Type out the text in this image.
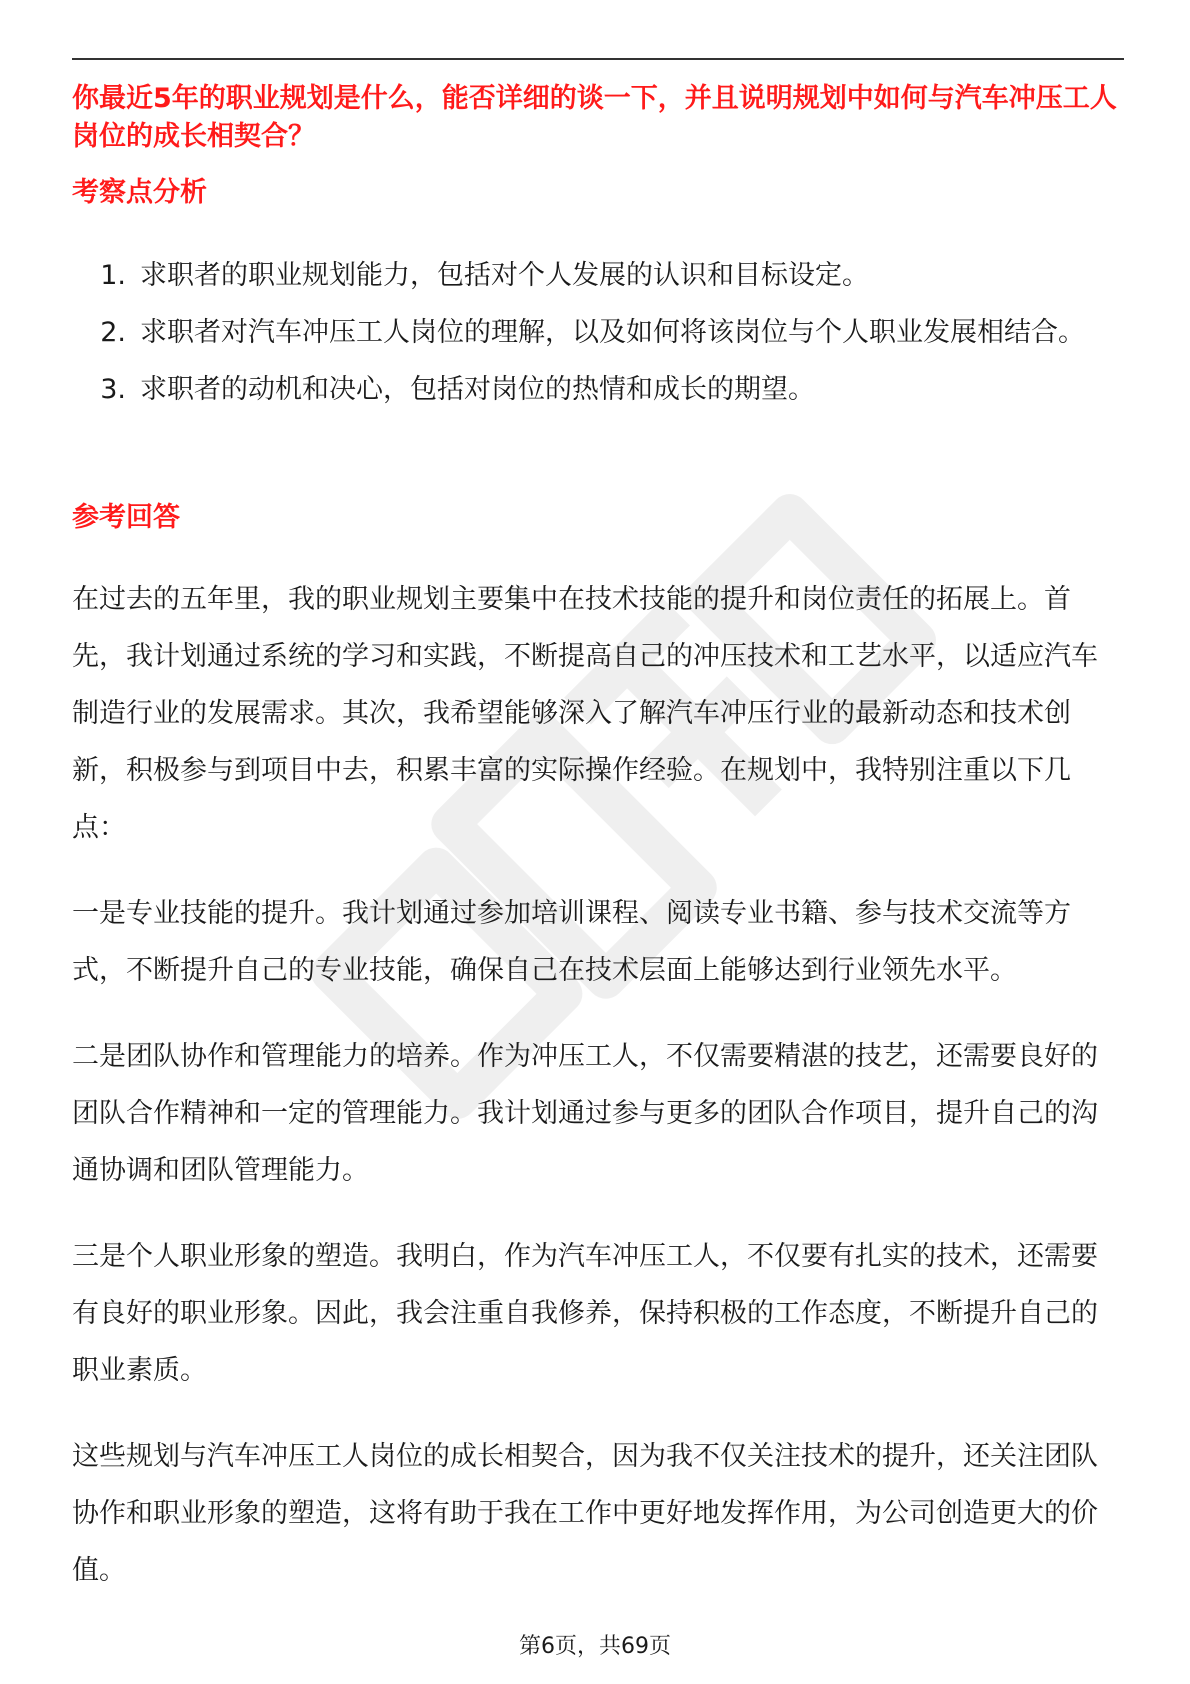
你最近5年的职业规划是什么，能否详细的谈一下，并且说明规划中如何与汽车冲压工人岗位的成长相契合？
考察点分析
1. 求职者的职业规划能力，包括对个人发展的认识和目标设定。
2. 求职者对汽车冲压工人岗位的理解，以及如何将该岗位与个人职业发展相结合。
3. 求职者的动机和决心，包括对岗位的热情和成长的期望。
参考回答

在过去的五年里，我的职业规划主要集中在技术技能的提升和岗位责任的拓展上。首先，我计划通过系统的学习和实践，不断提高自己的冲压技术和工艺水平，以适应汽车制造行业的发展需求。其次，我希望能够深入了解汽车冲压行业的最新动态和技术创新，积极参与到项目中去，积累丰富的实际操作经验。在规划中，我特别注重以下几点：

一是专业技能的提升。我计划通过参加培训课程、阅读专业书籍、参与技术交流等方式，不断提升自己的专业技能，确保自己在技术层面上能够达到行业领先水平。

二是团队协作和管理能力的培养。作为冲压工人，不仅需要精湛的技艺，还需要良好的团队合作精神和一定的管理能力。我计划通过参与更多的团队合作项目，提升自己的沟通协调和团队管理能力。

三是个人职业形象的塑造。我明白，作为汽车冲压工人，不仅要有扎实的技术，还需要有良好的职业形象。因此，我会注重自我修养，保持积极的工作态度，不断提升自己的职业素质。

这些规划与汽车冲压工人岗位的成长相契合，因为我不仅关注技术的提升，还关注团队协作和职业形象的塑造，这将有助于我在工作中更好地发挥作用，为公司创造更大的价值。

第6页，共69页
